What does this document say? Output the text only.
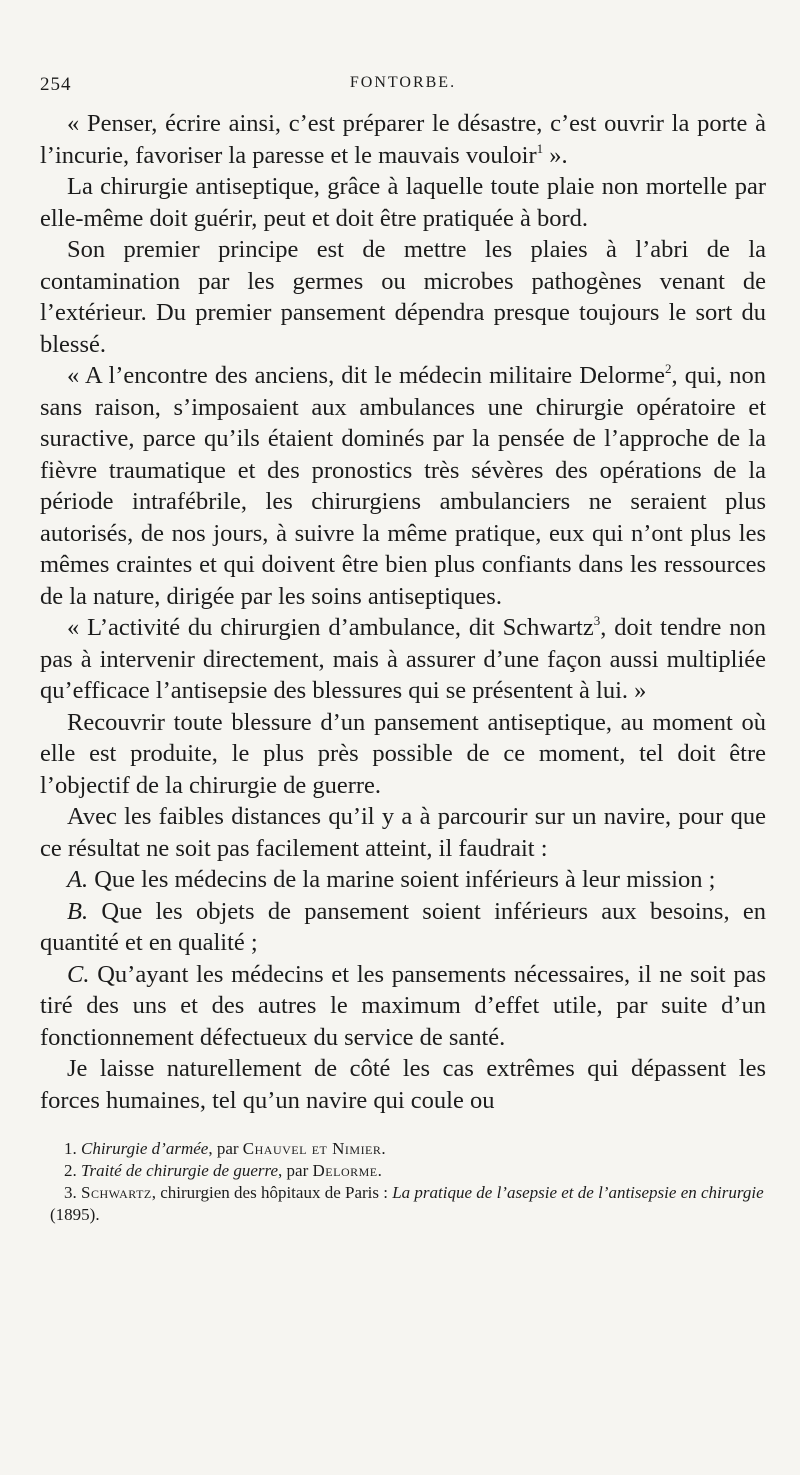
254	FONTORBE.

« Penser, écrire ainsi, c’est préparer le désastre, c’est ouvrir la porte à l’incurie, favoriser la paresse et le mauvais vouloir$^1$ ».

La chirurgie antiseptique, grâce à laquelle toute plaie non mortelle par elle-même doit guérir, peut et doit être pratiquée à bord.

Son premier principe est de mettre les plaies à l’abri de la contamination par les germes ou microbes pathogènes venant de l’extérieur. Du premier pansement dépendra presque toujours le sort du blessé.

« A l’encontre des anciens, dit le médecin militaire Delorme$^2$, qui, non sans raison, s’imposaient aux ambulances une chirurgie opératoire et suractive, parce qu’ils étaient dominés par la pensée de l’approche de la fièvre traumatique et des pronostics très sévères des opérations de la période intrafébrile, les chirurgiens ambulanciers ne seraient plus autorisés, de nos jours, à suivre la même pratique, eux qui n’ont plus les mêmes craintes et qui doivent être bien plus confiants dans les ressources de la nature, dirigée par les soins antiseptiques.

« L’activité du chirurgien d’ambulance, dit Schwartz$^3$, doit tendre non pas à intervenir directement, mais à assurer d’une façon aussi multipliée qu’efficace l’antisepsie des blessures qui se présentent à lui. »

Recouvrir toute blessure d’un pansement antiseptique, au moment où elle est produite, le plus près possible de ce moment, tel doit être l’objectif de la chirurgie de guerre.

Avec les faibles distances qu’il y a à parcourir sur un navire, pour que ce résultat ne soit pas facilement atteint, il faudrait :

A. Que les médecins de la marine soient inférieurs à leur mission ;

B. Que les objets de pansement soient inférieurs aux besoins, en quantité et en qualité ;

C. Qu’ayant les médecins et les pansements nécessaires, il ne soit pas tiré des uns et des autres le maximum d’effet utile, par suite d’un fonctionnement défectueux du service de santé.

Je laisse naturellement de côté les cas extrêmes qui dépassent les forces humaines, tel qu’un navire qui coule ou

1. Chirurgie d’armée, par Chauvel et Nimier.

2. Traité de chirurgie de guerre, par Delorme.

3. Schwartz, chirurgien des hôpitaux de Paris : La pratique de l’asepsie et de l’antisepsie en chirurgie (1895).
